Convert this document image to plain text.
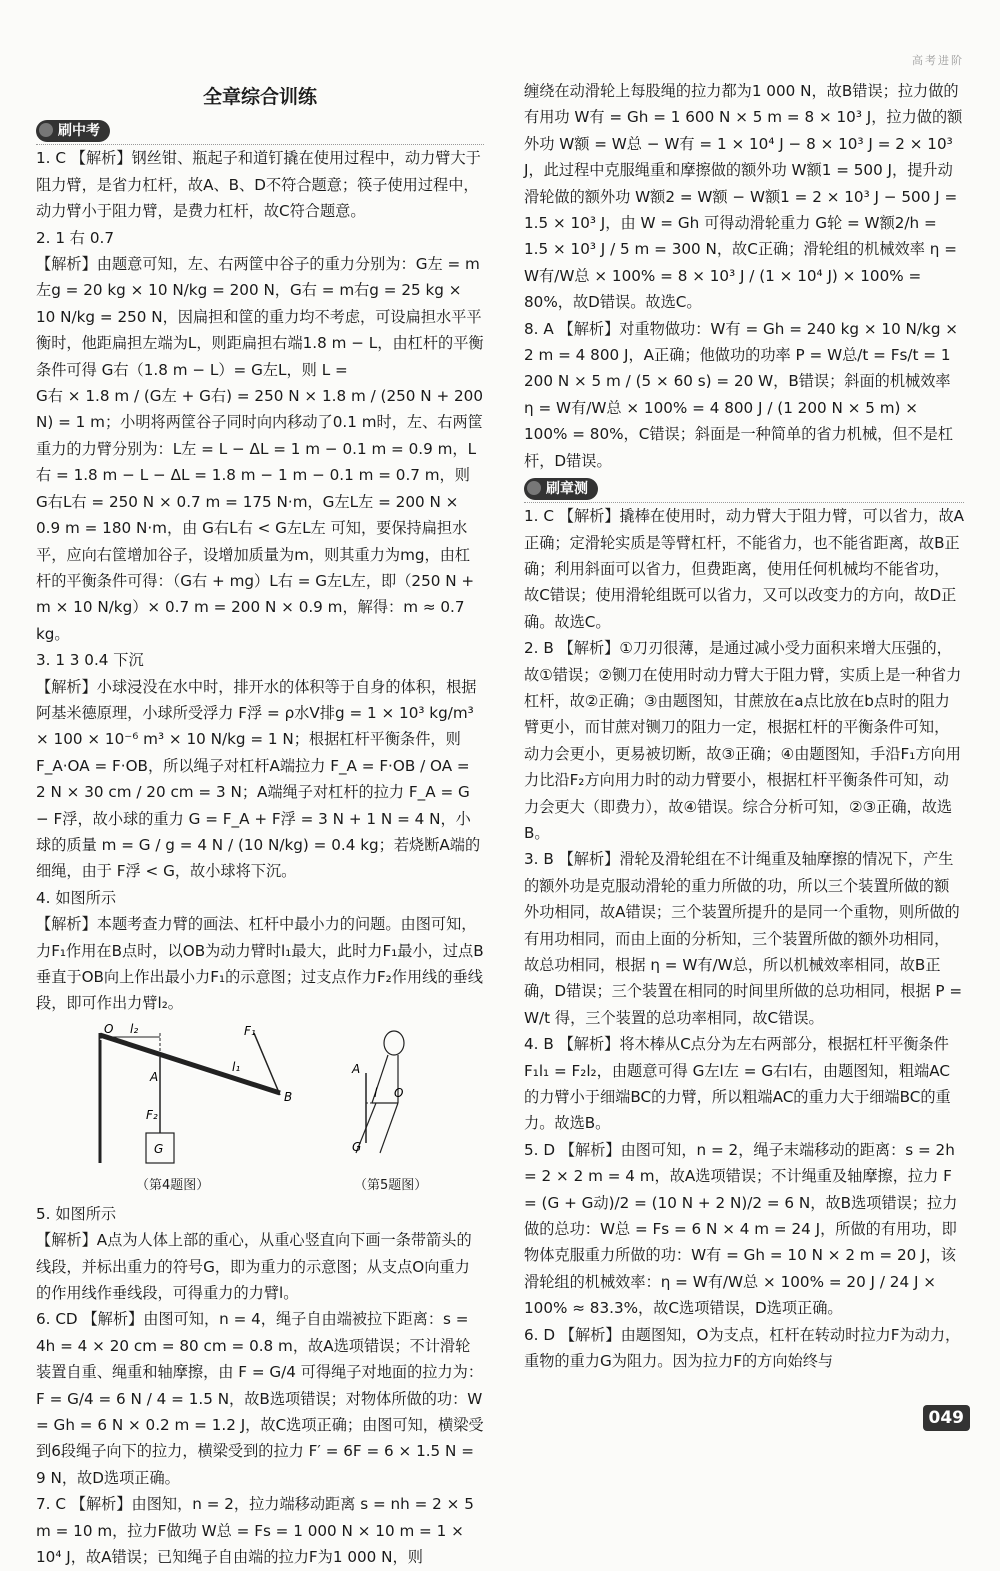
高考进阶
全章综合训练
刷中考

1. C 【解析】钢丝钳、瓶起子和道钉撬在使用过程中，动力臂大于阻力臂，是省力杠杆，故A、B、D不符合题意；筷子使用过程中，动力臂小于阻力臂，是费力杠杆，故C符合题意。

2. 1 右 0.7

【解析】由题意可知，左、右两筐中谷子的重力分别为：G左 = m左g = 20 kg × 10 N/kg = 200 N，G右 = m右g = 25 kg × 10 N/kg = 250 N，因扁担和筐的重力均不考虑，可设扁担水平平衡时，他距扁担左端为L，则距扁担右端1.8 m − L，由杠杆的平衡条件可得 G右（1.8 m − L）= G左L，则 L =

G右 × 1.8 m / (G左 + G右) = 250 N × 1.8 m / (250 N + 200 N) = 1 m；小明将两筐谷子同时向内移动了0.1 m时，左、右两筐重力的力臂分别为：L左 = L − ΔL = 1 m − 0.1 m = 0.9 m，L右 = 1.8 m − L − ΔL = 1.8 m − 1 m − 0.1 m = 0.7 m，则 G右L右 = 250 N × 0.7 m = 175 N·m，G左L左 = 200 N × 0.9 m = 180 N·m，由 G右L右 < G左L左 可知，要保持扁担水平，应向右筐增加谷子，设增加质量为m，则其重力为mg，由杠杆的平衡条件可得：（G右 + mg）L右 = G左L左，即（250 N + m × 10 N/kg）× 0.7 m = 200 N × 0.9 m，解得：m ≈ 0.7 kg。

3. 1 3 0.4 下沉

【解析】小球浸没在水中时，排开水的体积等于自身的体积，根据阿基米德原理，小球所受浮力 F浮 = ρ水V排g = 1 × 10³ kg/m³ × 100 × 10⁻⁶ m³ × 10 N/kg = 1 N；根据杠杆平衡条件，则 F_A·OA = F·OB，所以绳子对杠杆A端拉力 F_A = F·OB / OA = 2 N × 30 cm / 20 cm = 3 N；A端绳子对杠杆的拉力 F_A = G − F浮，故小球的重力 G = F_A + F浮 = 3 N + 1 N = 4 N，小球的质量 m = G / g = 4 N / (10 N/kg) = 0.4 kg；若烧断A端的细绳，由于 F浮 < G，故小球将下沉。

4. 如图所示

【解析】本题考查力臂的画法、杠杆中最小力的问题。由图可知，力F₁作用在B点时，以OB为动力臂时l₁最大，此时力F₁最小，过点B垂直于OB向上作出最小力F₁的示意图；过支点作力F₂作用线的垂线段，即可作出力臂l₂。

O l₂	F₁
l₁
A
B
F₂
G
A
l O
G
（第4题图）	（第5题图）

5. 如图所示

【解析】A点为人体上部的重心，从重心竖直向下画一条带箭头的线段，并标出重力的符号G，即为重力的示意图；从支点O向重力的作用线作垂线段，可得重力的力臂l。

6. CD 【解析】由图可知，n = 4，绳子自由端被拉下距离：s = 4h = 4 × 20 cm = 80 cm = 0.8 m，故A选项错误；不计滑轮装置自重、绳重和轴摩擦，由 F = G/4 可得绳子对地面的拉力为：F = G/4 = 6 N / 4 = 1.5 N，故B选项错误；对物体所做的功：W = Gh = 6 N × 0.2 m = 1.2 J，故C选项正确；由图可知，横梁受到6段绳子向下的拉力，横梁受到的拉力 F′ = 6F = 6 × 1.5 N = 9 N，故D选项正确。

7. C 【解析】由图知，n = 2，拉力端移动距离 s = nh = 2 × 5 m = 10 m，拉力F做功 W总 = Fs = 1 000 N × 10 m = 1 × 10⁴ J，故A错误；已知绳子自由端的拉力F为1 000 N，则

缠绕在动滑轮上每股绳的拉力都为1 000 N，故B错误；拉力做的有用功 W有 = Gh = 1 600 N × 5 m = 8 × 10³ J，拉力做的额外功 W额 = W总 − W有 = 1 × 10⁴ J − 8 × 10³ J = 2 × 10³ J，此过程中克服绳重和摩擦做的额外功 W额1 = 500 J，提升动滑轮做的额外功 W额2 = W额 − W额1 = 2 × 10³ J − 500 J = 1.5 × 10³ J，由 W = Gh 可得动滑轮重力 G轮 = W额2/h = 1.5 × 10³ J / 5 m = 300 N，故C正确；滑轮组的机械效率 η = W有/W总 × 100% = 8 × 10³ J / (1 × 10⁴ J) × 100% = 80%，故D错误。故选C。

8. A 【解析】对重物做功：W有 = Gh = 240 kg × 10 N/kg × 2 m = 4 800 J，A正确；他做功的功率 P = W总/t = Fs/t = 1 200 N × 5 m / (5 × 60 s) = 20 W，B错误；斜面的机械效率 η = W有/W总 × 100% = 4 800 J / (1 200 N × 5 m) × 100% = 80%，C错误；斜面是一种简单的省力机械，但不是杠杆，D错误。

刷章测

1. C 【解析】撬棒在使用时，动力臂大于阻力臂，可以省力，故A正确；定滑轮实质是等臂杠杆，不能省力，也不能省距离，故B正确；利用斜面可以省力，但费距离，使用任何机械均不能省功，故C错误；使用滑轮组既可以省力，又可以改变力的方向，故D正确。故选C。

2. B 【解析】①刀刃很薄，是通过减小受力面积来增大压强的，故①错误；②铡刀在使用时动力臂大于阻力臂，实质上是一种省力杠杆，故②正确；③由题图知，甘蔗放在a点比放在b点时的阻力臂更小，而甘蔗对铡刀的阻力一定，根据杠杆的平衡条件可知，动力会更小，更易被切断，故③正确；④由题图知，手沿F₁方向用力比沿F₂方向用力时的动力臂要小，根据杠杆平衡条件可知，动力会更大（即费力），故④错误。综合分析可知，②③正确，故选B。

3. B 【解析】滑轮及滑轮组在不计绳重及轴摩擦的情况下，产生的额外功是克服动滑轮的重力所做的功，所以三个装置所做的额外功相同，故A错误；三个装置所提升的是同一个重物，则所做的有用功相同，而由上面的分析知，三个装置所做的额外功相同，故总功相同，根据 η = W有/W总，所以机械效率相同，故B正确，D错误；三个装置在相同的时间里所做的总功相同，根据 P = W/t 得，三个装置的总功率相同，故C错误。

4. B 【解析】将木棒从C点分为左右两部分，根据杠杆平衡条件 F₁l₁ = F₂l₂，由题意可得 G左l左 = G右l右，由题图知，粗端AC的力臂小于细端BC的力臂，所以粗端AC的重力大于细端BC的重力。故选B。

5. D 【解析】由图可知，n = 2，绳子末端移动的距离：s = 2h = 2 × 2 m = 4 m，故A选项错误；不计绳重及轴摩擦，拉力 F = (G + G动)/2 = (10 N + 2 N)/2 = 6 N，故B选项错误；拉力做的总功：W总 = Fs = 6 N × 4 m = 24 J，所做的有用功，即物体克服重力所做的功：W有 = Gh = 10 N × 2 m = 20 J，该滑轮组的机械效率：η = W有/W总 × 100% = 20 J / 24 J × 100% ≈ 83.3%，故C选项错误，D选项正确。

6. D 【解析】由题图知，O为支点，杠杆在转动时拉力F为动力，重物的重力G为阻力。因为拉力F的方向始终与

049
